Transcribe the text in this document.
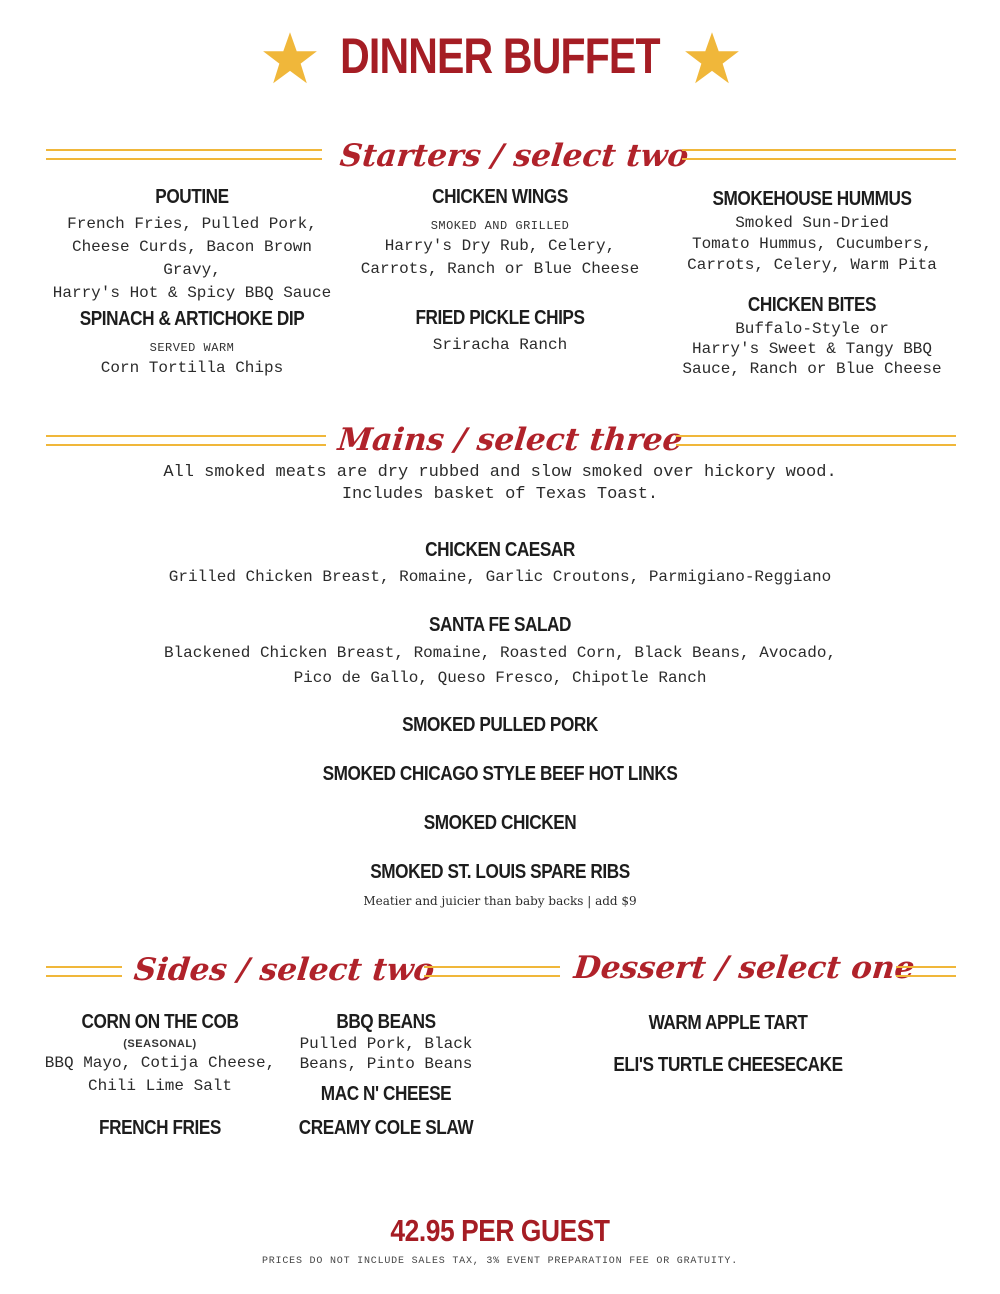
DINNER BUFFET
Starters / select two
POUTINE
French Fries, Pulled Pork,
Cheese Curds, Bacon Brown Gravy,
Harry's Hot & Spicy BBQ Sauce
SPINACH & ARTICHOKE DIP
SERVED WARM
Corn Tortilla Chips
CHICKEN WINGS
SMOKED AND GRILLED
Harry's Dry Rub, Celery,
Carrots, Ranch or Blue Cheese
FRIED PICKLE CHIPS
Sriracha Ranch
SMOKEHOUSE HUMMUS
Smoked Sun-Dried
Tomato Hummus, Cucumbers,
Carrots, Celery, Warm Pita
CHICKEN BITES
Buffalo-Style or
Harry's Sweet & Tangy BBQ
Sauce, Ranch or Blue Cheese
Mains / select three
All smoked meats are dry rubbed and slow smoked over hickory wood.
Includes basket of Texas Toast.
CHICKEN CAESAR
Grilled Chicken Breast, Romaine, Garlic Croutons, Parmigiano-Reggiano
SANTA FE SALAD
Blackened Chicken Breast, Romaine, Roasted Corn, Black Beans, Avocado,
Pico de Gallo, Queso Fresco, Chipotle Ranch
SMOKED PULLED PORK
SMOKED CHICAGO STYLE BEEF HOT LINKS
SMOKED CHICKEN
SMOKED ST. LOUIS SPARE RIBS
Meatier and juicier than baby backs | add $9
Sides / select two	Dessert / select one
CORN ON THE COB
(SEASONAL)
BBQ Mayo, Cotija Cheese,
Chili Lime Salt
FRENCH FRIES
BBQ BEANS
Pulled Pork, Black
Beans, Pinto Beans
MAC N' CHEESE
CREAMY COLE SLAW
WARM APPLE TART
ELI'S TURTLE CHEESECAKE
42.95 PER GUEST
PRICES DO NOT INCLUDE SALES TAX, 3% EVENT PREPARATION FEE OR GRATUITY.
